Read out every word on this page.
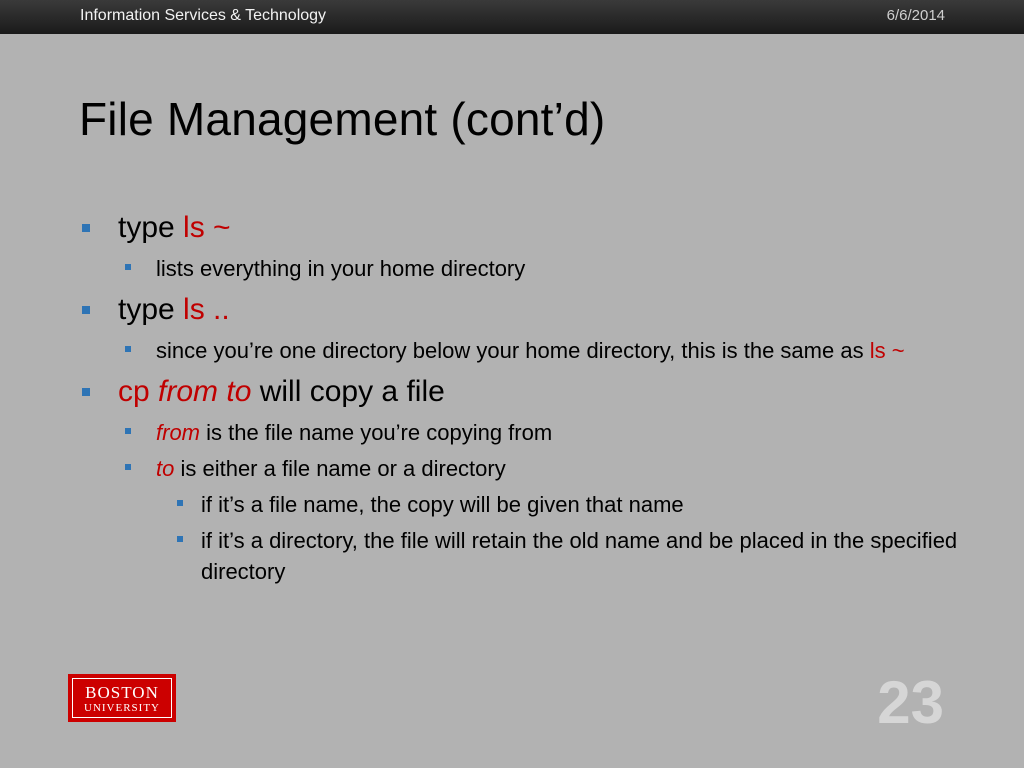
Information Services & Technology	6/6/2014
File Management (cont’d)
type ls ~
lists everything in your home directory
type ls ..
since you’re one directory below your home directory, this is the same as ls ~
cp from to will copy a file
from is the file name you’re copying from
to is either a file name or a directory
if it’s a file name, the copy will be given that name
if it’s a directory, the file will retain the old name and be placed in the specified directory
BOSTON
UNIVERSITY	23
